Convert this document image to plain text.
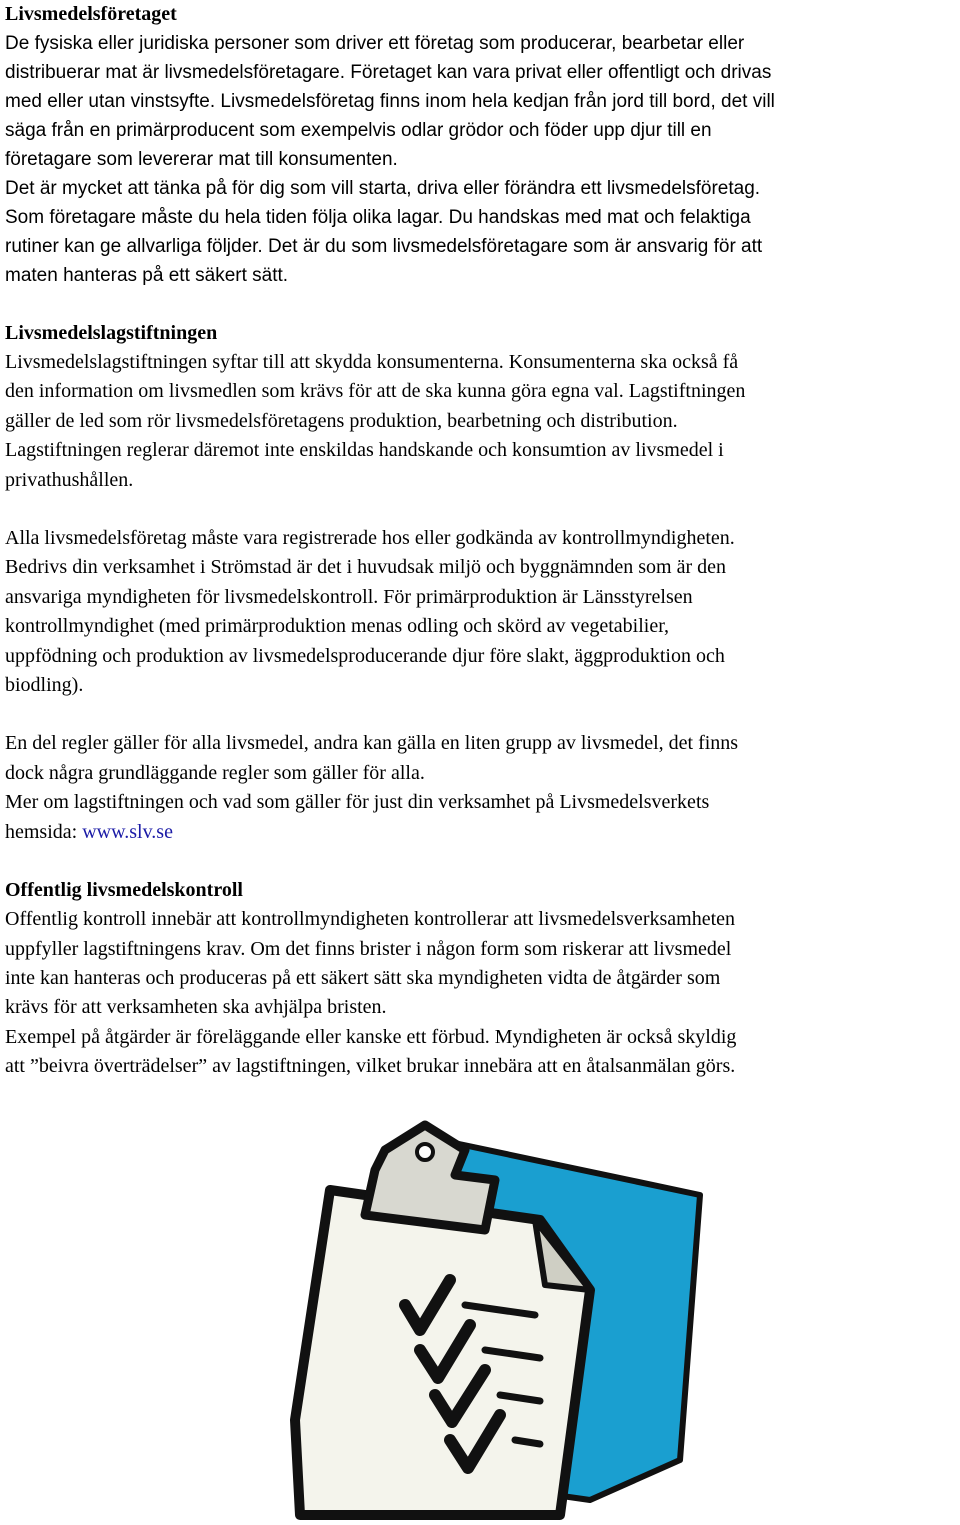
Livsmedelsföretaget

De fysiska eller juridiska personer som driver ett företag som producerar, bearbetar eller

distribuerar mat är livsmedelsföretagare. Företaget kan vara privat eller offentligt och drivas

med eller utan vinstsyfte. Livsmedelsföretag finns inom hela kedjan från jord till bord, det vill

säga från en primärproducent som exempelvis odlar grödor och föder upp djur till en

företagare som levererar mat till konsumenten.

Det är mycket att tänka på för dig som vill starta, driva eller förändra ett livsmedelsföretag.

Som företagare måste du hela tiden följa olika lagar. Du handskas med mat och felaktiga

rutiner kan ge allvarliga följder. Det är du som livsmedelsföretagare som är ansvarig för att

maten hanteras på ett säkert sätt.

Livsmedelslagstiftningen

Livsmedelslagstiftningen syftar till att skydda konsumenterna. Konsumenterna ska också få

den information om livsmedlen som krävs för att de ska kunna göra egna val. Lagstiftningen

gäller de led som rör livsmedelsföretagens produktion, bearbetning och distribution.

Lagstiftningen reglerar däremot inte enskildas handskande och konsumtion av livsmedel i

privathushållen.

Alla livsmedelsföretag måste vara registrerade hos eller godkända av kontrollmyndigheten.

Bedrivs din verksamhet i Strömstad är det i huvudsak miljö och byggnämnden som är den

ansvariga myndigheten för livsmedelskontroll. För primärproduktion är Länsstyrelsen

kontrollmyndighet (med primärproduktion menas odling och skörd av vegetabilier,

uppfödning och produktion av livsmedelsproducerande djur före slakt, äggproduktion och

biodling).

En del regler gäller för alla livsmedel, andra kan gälla en liten grupp av livsmedel, det finns

dock några grundläggande regler som gäller för alla.

Mer om lagstiftningen och vad som gäller för just din verksamhet på Livsmedelsverkets

hemsida: www.slv.se

Offentlig livsmedelskontroll

Offentlig kontroll innebär att kontrollmyndigheten kontrollerar att livsmedelsverksamheten

uppfyller lagstiftningens krav. Om det finns brister i någon form som riskerar att livsmedel

inte kan hanteras och produceras på ett säkert sätt ska myndigheten vidta de åtgärder som

krävs för att verksamheten ska avhjälpa bristen.

Exempel på åtgärder är föreläggande eller kanske ett förbud. Myndigheten är också skyldig

att ”beivra överträdelser” av lagstiftningen, vilket brukar innebära att en åtalsanmälan görs.
